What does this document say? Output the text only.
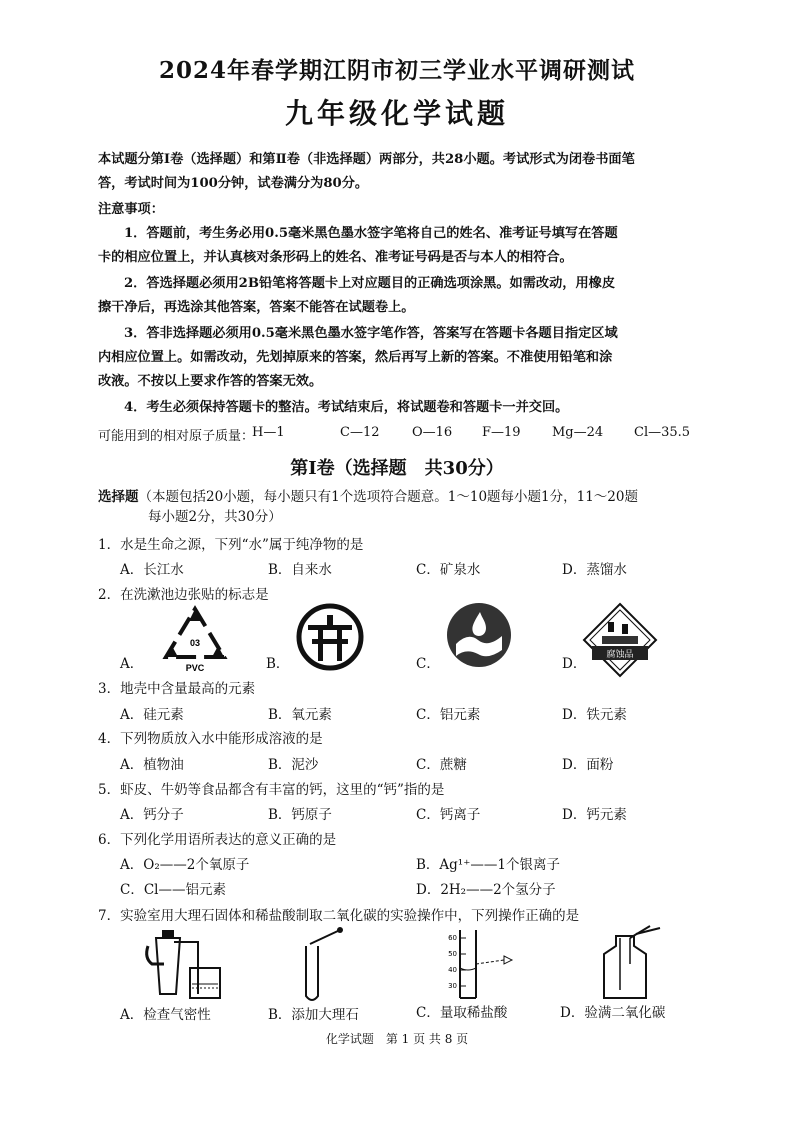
2024年春学期江阴市初三学业水平调研测试
九年级化学试题
本试题分第Ⅰ卷（选择题）和第Ⅱ卷（非选择题）两部分，共28小题。考试形式为闭卷书面笔
答，考试时间为100分钟，试卷满分为80分。
注意事项：
1．答题前，考生务必用0.5毫米黑色墨水签字笔将自己的姓名、准考证号填写在答题
卡的相应位置上，并认真核对条形码上的姓名、准考证号码是否与本人的相符合。
2．答选择题必须用2B铅笔将答题卡上对应题目的正确选项涂黑。如需改动，用橡皮
擦干净后，再选涂其他答案，答案不能答在试题卷上。
3．答非选择题必须用0.5毫米黑色墨水签字笔作答，答案写在答题卡各题目指定区域
内相应位置上。如需改动，先划掉原来的答案，然后再写上新的答案。不准使用铅笔和涂
改液。不按以上要求作答的答案无效。
4．考生必须保持答题卡的整洁。考试结束后，将试题卷和答题卡一并交回。
可能用到的相对原子质量：
H—1	C—12	O—16 F—19 Mg—24 Cl—35.5
第Ⅰ卷（选择题　共30分）
选择题（本题包括20小题，每小题只有1个选项符合题意。1～10题每小题1分，11～20题
每小题2分，共30分）
1．水是生命之源，下列“水”属于纯净物的是
A．长江水	B．自来水	C．矿泉水	D．蒸馏水
2．在洗漱池边张贴的标志是
A．	B．	C．	D．
03
PVC
腐蚀品
3．地壳中含量最高的元素
A．硅元素	B．氧元素	C．铝元素	D．铁元素
4．下列物质放入水中能形成溶液的是
A．植物油	B．泥沙	C．蔗糖	D．面粉
5．虾皮、牛奶等食品都含有丰富的钙，这里的“钙”指的是
A．钙分子	B．钙原子	C．钙离子	D．钙元素
6．下列化学用语所表达的意义正确的是
A．O₂——2个氧原子	B．Ag¹⁺——1个银离子
C．Cl——铝元素	D．2H₂——2个氢分子
7．实验室用大理石固体和稀盐酸制取二氧化碳的实验操作中，下列操作正确的是
60
50
40
30
A．检查气密性	B．添加大理石	C．量取稀盐酸	D．验满二氧化碳
化学试题　第 1 页 共 8 页
